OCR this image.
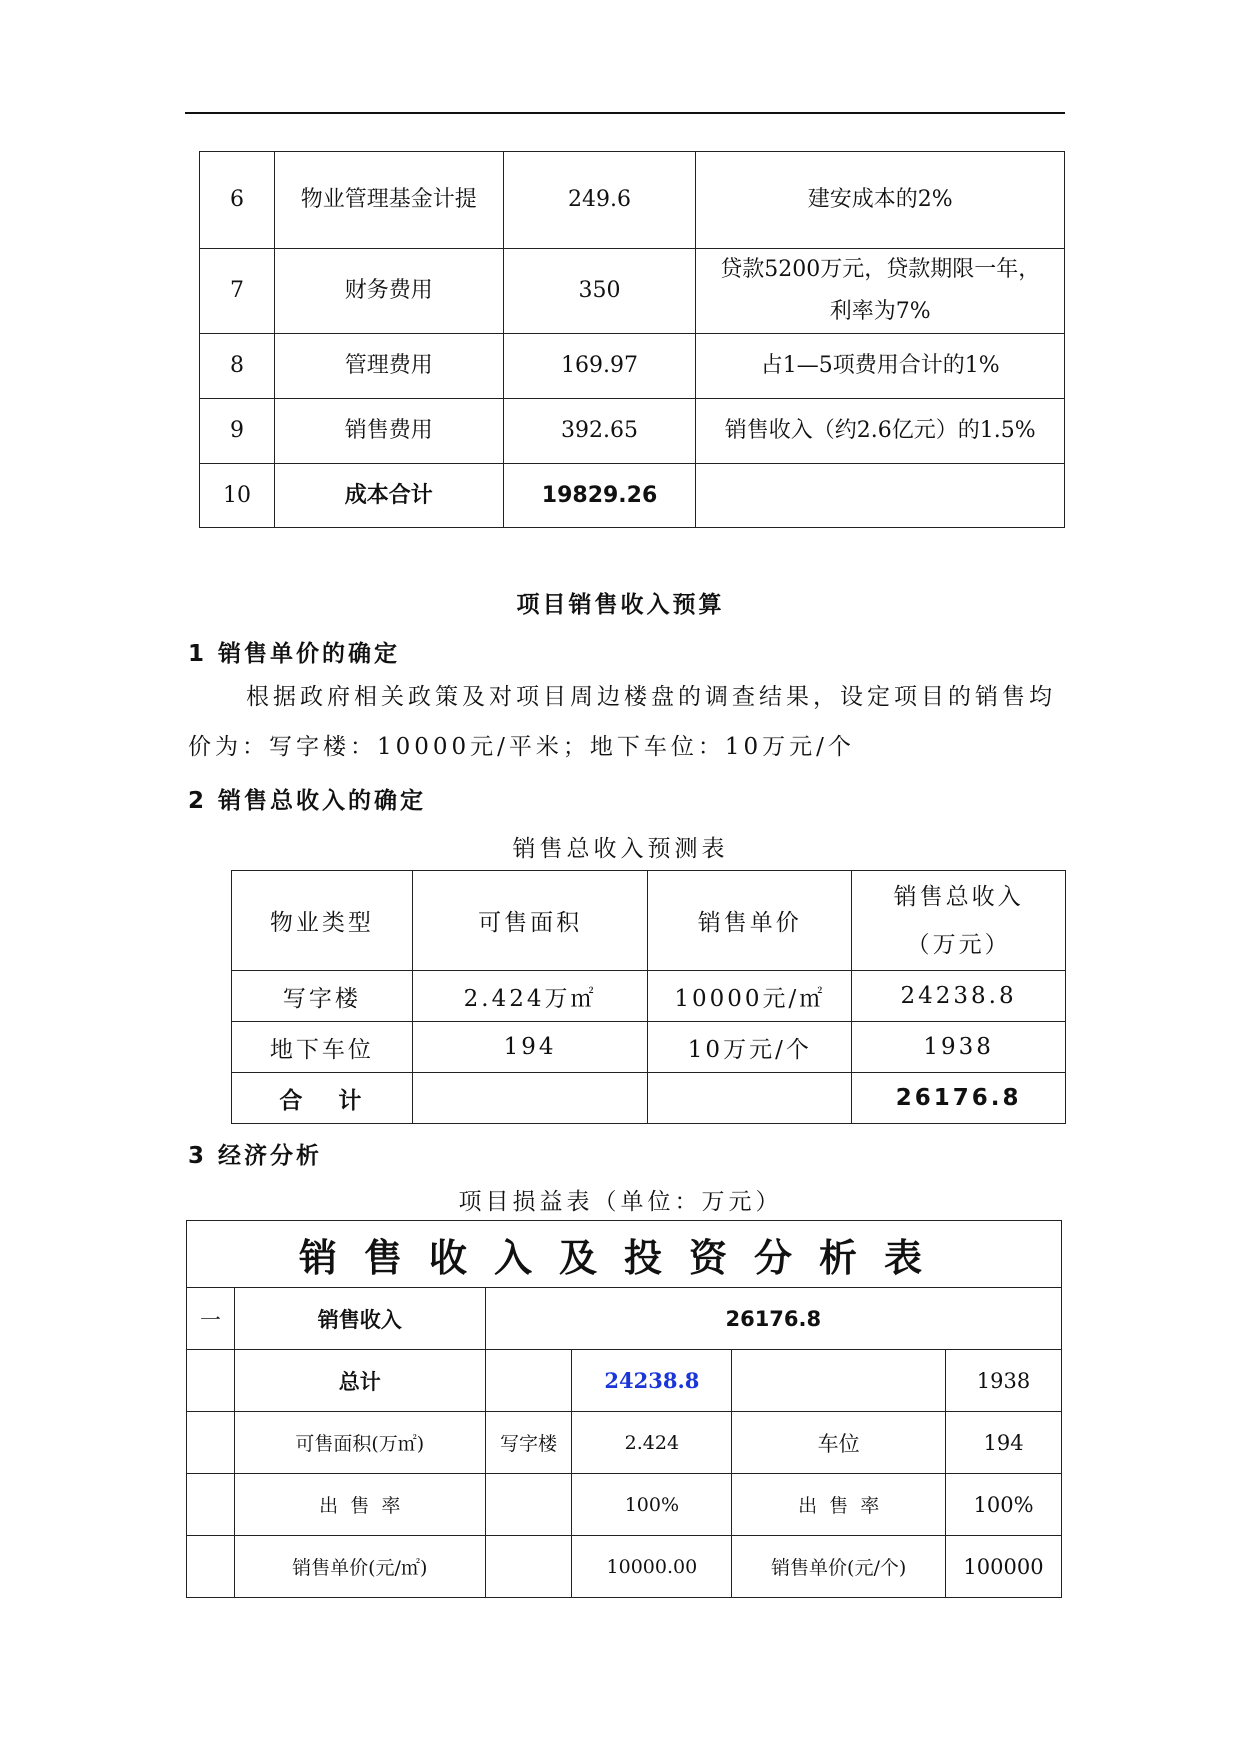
6	物业管理基金计提	249.6	建安成本的2%
7	财务费用	350	贷款5200万元，贷款期限一年，
利率为7%

8	管理费用	169.97	占1—5项费用合计的1%
9	销售费用	392.65	销售收入（约2.6亿元）的1.5%
10	成本合计	19829.26	
项目销售收入预算
1 销售单价的确定
根据政府相关政策及对项目周边楼盘的调查结果，设定项目的销售均价为：写字楼：10000元/平米；地下车位：10万元/个
2 销售总收入的确定
销售总收入预测表
物业类型	可售面积	销售单价	销售总收入
（万元）

写字楼	2.424万㎡	10000元/㎡	24238.8
地下车位	194	10万元/个	1938
合   计			26176.8
3 经济分析
项目损益表（单位：万元）
销售收入及投资分析表					
一	销售收入	26176.8			
	总计		24238.8		1938
	可售面积(万㎡)	写字楼	2.424	车位	194
	出  售  率		100%	出  售  率	100%
	销售单价(元/㎡)		10000.00	销售单价(元/个)	100000
